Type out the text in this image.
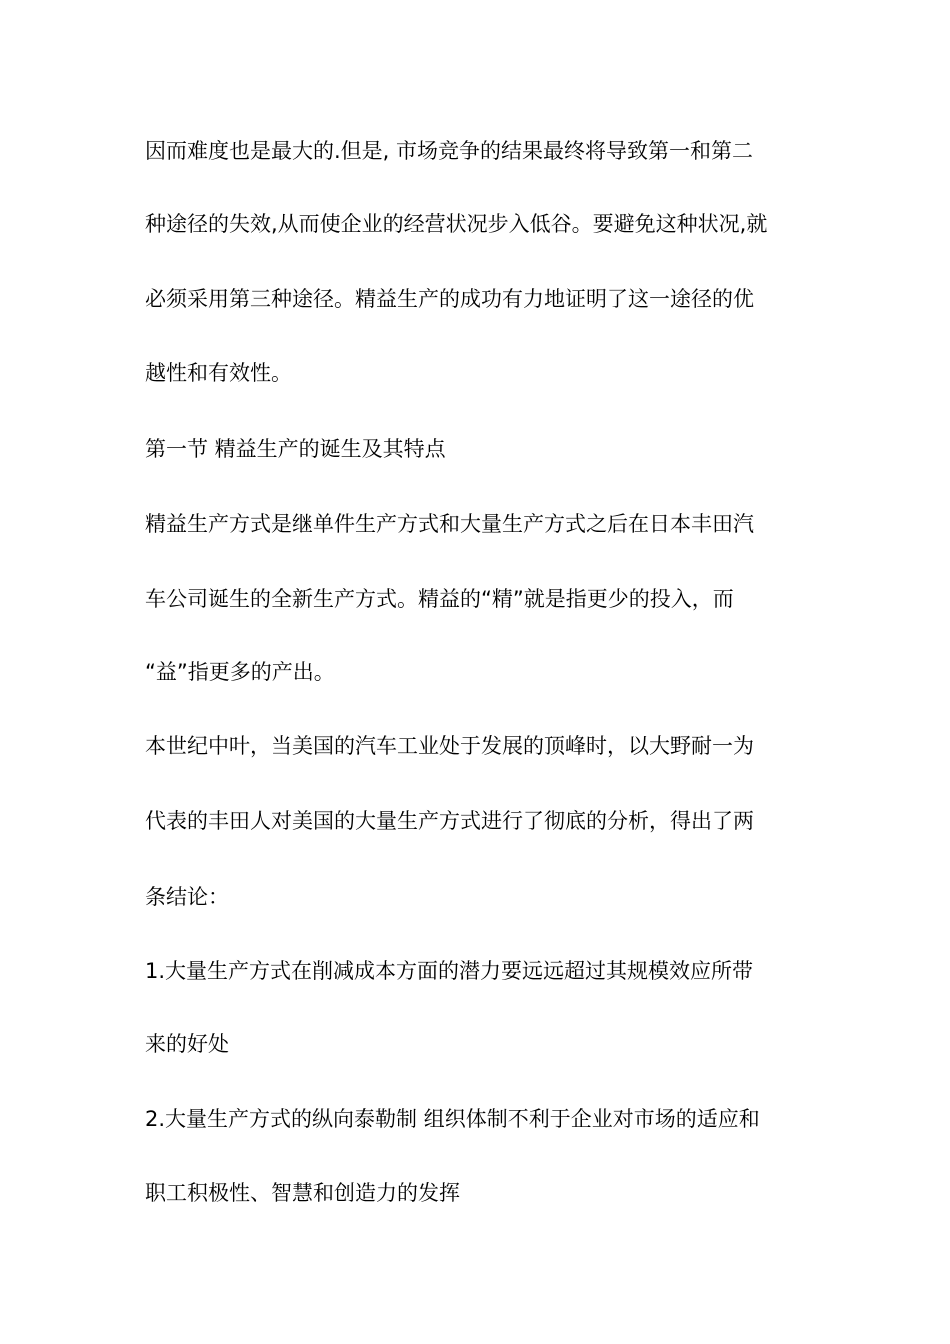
因而难度也是最大的.但是, 市场竞争的结果最终将导致第一和第二
种途径的失效,从而使企业的经营状况步入低谷。要避免这种状况,就
必须采用第三种途径。精益生产的成功有力地证明了这一途径的优
越性和有效性。
第一节 精益生产的诞生及其特点
精益生产方式是继单件生产方式和大量生产方式之后在日本丰田汽
车公司诞生的全新生产方式。精益的“精”就是指更少的投入，而
“益”指更多的产出。
本世纪中叶，当美国的汽车工业处于发展的顶峰时，以大野耐一为
代表的丰田人对美国的大量生产方式进行了彻底的分析，得出了两
条结论：
1.大量生产方式在削减成本方面的潜力要远远超过其规模效应所带
来的好处
2.大量生产方式的纵向泰勒制 组织体制不利于企业对市场的适应和
职工积极性、智慧和创造力的发挥
